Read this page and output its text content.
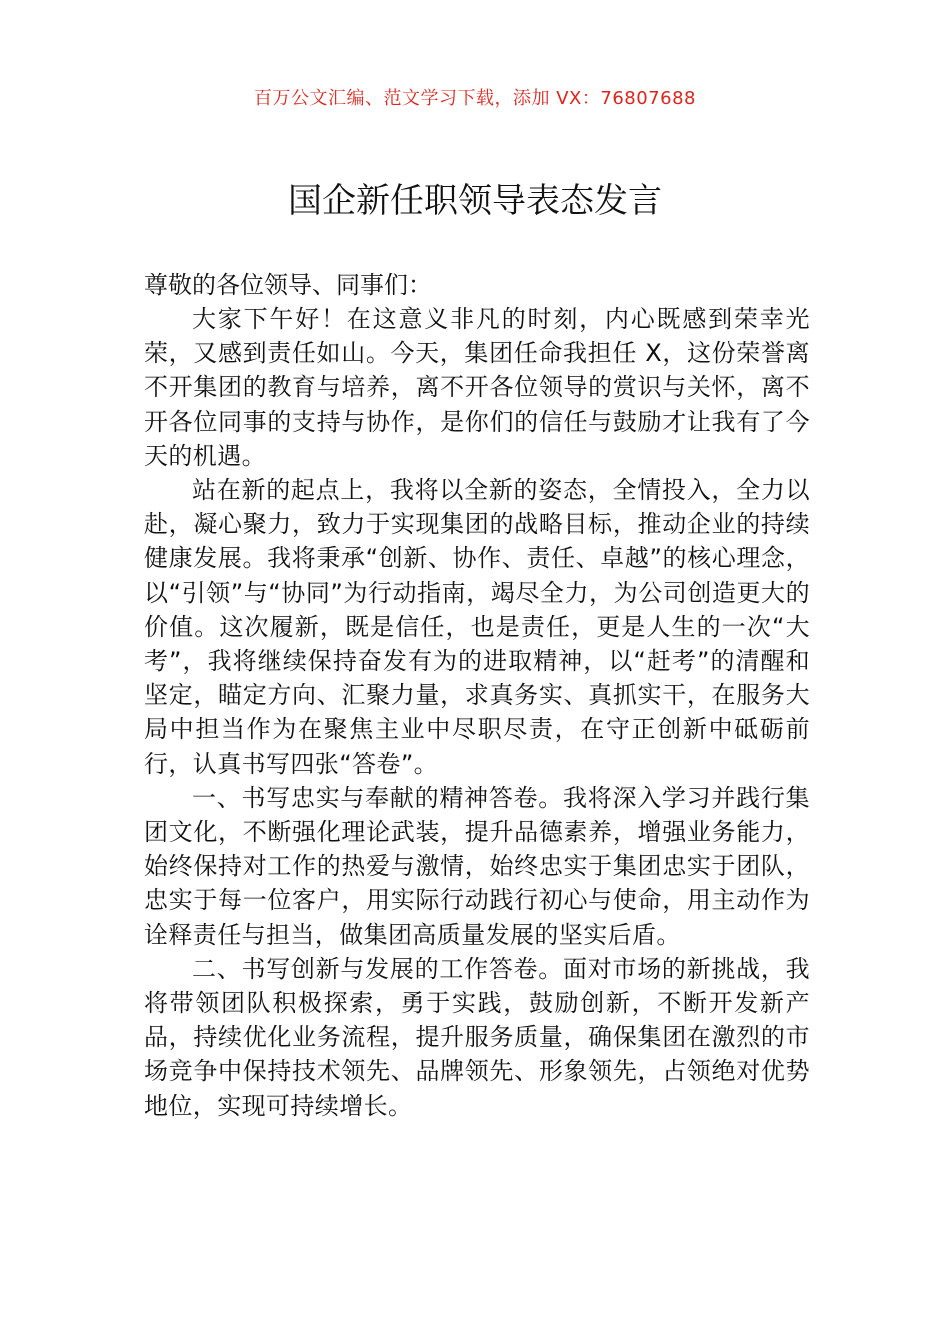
百万公文汇编、范文学习下载，添加 VX：76807688
国企新任职领导表态发言

尊敬的各位领导、同事们：

大家下午好！在这意义非凡的时刻，内心既感到荣幸光荣，又感到责任如山。今天，集团任命我担任 X，这份荣誉离不开集团的教育与培养，离不开各位领导的赏识与关怀，离不开各位同事的支持与协作，是你们的信任与鼓励才让我有了今天的机遇。

站在新的起点上，我将以全新的姿态，全情投入，全力以赴，凝心聚力，致力于实现集团的战略目标，推动企业的持续健康发展。我将秉承“创新、协作、责任、卓越”的核心理念，以“引领”与“协同”为行动指南，竭尽全力，为公司创造更大的价值。这次履新，既是信任，也是责任，更是人生的一次“大考”，我将继续保持奋发有为的进取精神，以“赶考”的清醒和坚定，瞄定方向、汇聚力量，求真务实、真抓实干，在服务大局中担当作为在聚焦主业中尽职尽责，在守正创新中砥砺前行，认真书写四张“答卷”。

一、书写忠实与奉献的精神答卷。我将深入学习并践行集团文化，不断强化理论武装，提升品德素养，增强业务能力，始终保持对工作的热爱与激情，始终忠实于集团忠实于团队，忠实于每一位客户，用实际行动践行初心与使命，用主动作为诠释责任与担当，做集团高质量发展的坚实后盾。

二、书写创新与发展的工作答卷。面对市场的新挑战，我将带领团队积极探索，勇于实践，鼓励创新，不断开发新产品，持续优化业务流程，提升服务质量，确保集团在激烈的市场竞争中保持技术领先、品牌领先、形象领先，占领绝对优势地位，实现可持续增长。
